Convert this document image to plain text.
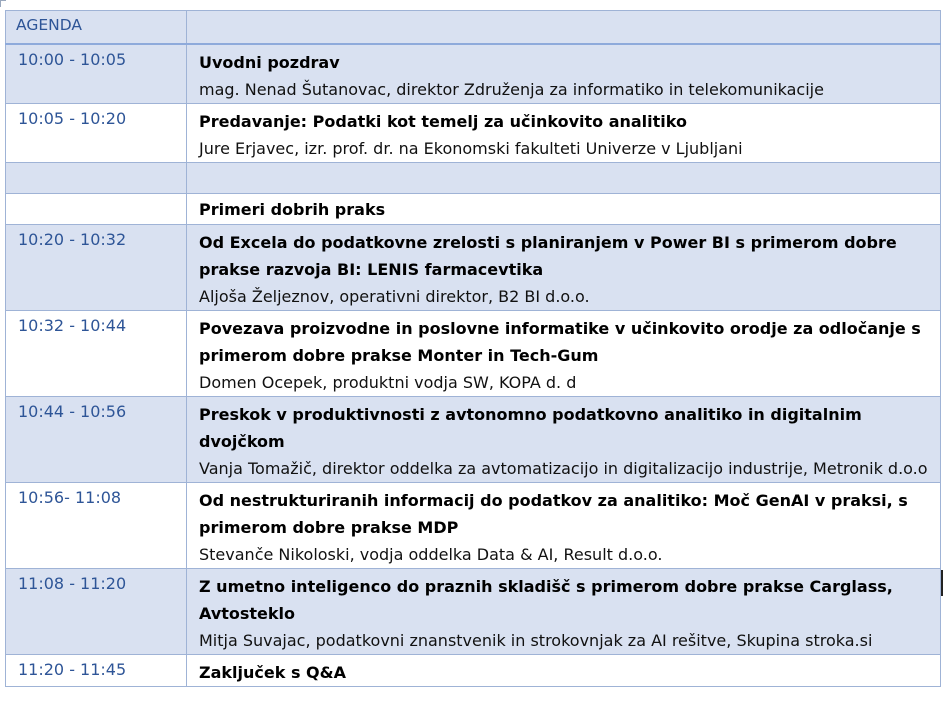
AGENDA	
10:00 - 10:05	Uvodni pozdrav
mag. Nenad Šutanovac, direktor Združenja za informatiko in telekomunikacije

10:05 - 10:20	Predavanje: Podatki kot temelj za učinkovito analitiko
Jure Erjavec, izr. prof. dr. na Ekonomski fakulteti Univerze v Ljubljani

	Primeri dobrih praks

10:20 - 10:32	Od Excela do podatkovne zrelosti s planiranjem v Power BI s primerom dobre prakse razvoja BI: LENIS farmacevtika
Aljoša Željeznov, operativni direktor, B2 BI d.o.o.

10:32 - 10:44	Povezava proizvodne in poslovne informatike v učinkovito orodje za odločanje s primerom dobre prakse Monter in Tech-Gum
Domen Ocepek, produktni vodja SW, KOPA d. d

10:44 - 10:56	Preskok v produktivnosti z avtonomno podatkovno analitiko in digitalnim dvojčkom
Vanja Tomažič, direktor oddelka za avtomatizacijo in digitalizacijo industrije, Metronik d.o.o

10:56- 11:08	Od nestrukturiranih informacij do podatkov za analitiko: Moč GenAI v praksi, s primerom dobre prakse MDP
Stevanče Nikoloski, vodja oddelka Data & AI, Result d.o.o.

11:08 - 11:20	Z umetno inteligenco do praznih skladišč s primerom dobre prakse Carglass, Avtosteklo
Mitja Suvajac, podatkovni znanstvenik in strokovnjak za AI rešitve, Skupina stroka.si

11:20 - 11:45	Zaključek s Q&A
